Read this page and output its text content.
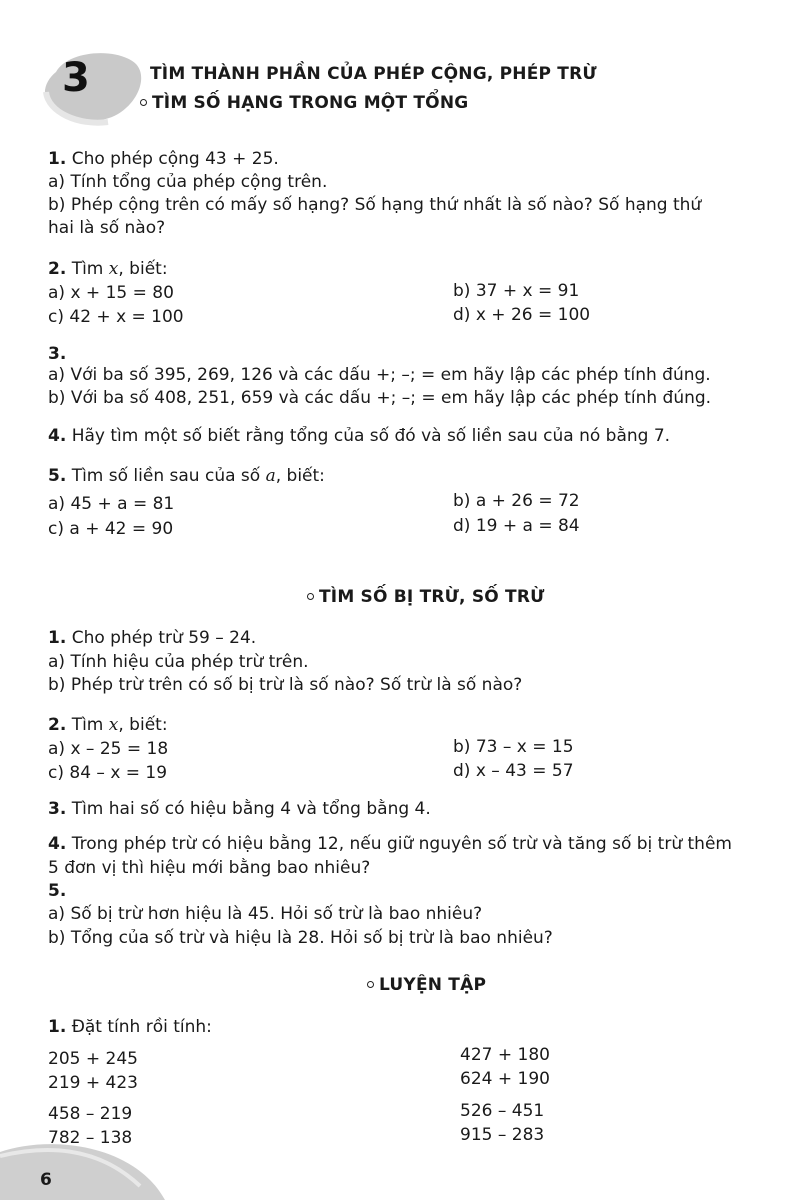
3	TÌM THÀNH PHẦN CỦA PHÉP CỘNG, PHÉP TRỪ
TÌM SỐ HẠNG TRONG MỘT TỔNG
1. Cho phép cộng 43 + 25.
a) Tính tổng của phép cộng trên.
b) Phép cộng trên có mấy số hạng? Số hạng thứ nhất là số nào? Số hạng thứ
hai là số nào?
2. Tìm x, biết:
a) x + 15 = 80	b) 37 + x = 91
c) 42 + x = 100	d) x + 26 = 100
3.
a) Với ba số 395, 269, 126 và các dấu +; –; = em hãy lập các phép tính đúng.
b) Với ba số 408, 251, 659 và các dấu +; –; = em hãy lập các phép tính đúng.
4. Hãy tìm một số biết rằng tổng của số đó và số liền sau của nó bằng 7.
5. Tìm số liền sau của số a, biết:
a) 45 + a = 81	b) a + 26 = 72
c) a + 42 = 90	d) 19 + a = 84
TÌM SỐ BỊ TRỪ, SỐ TRỪ
1. Cho phép trừ 59 – 24.
a) Tính hiệu của phép trừ trên.
b) Phép trừ trên có số bị trừ là số nào? Số trừ là số nào?
2. Tìm x, biết:
a) x – 25 = 18	b) 73 – x = 15
c) 84 – x = 19	d) x – 43 = 57
3. Tìm hai số có hiệu bằng 4 và tổng bằng 4.
4. Trong phép trừ có hiệu bằng 12, nếu giữ nguyên số trừ và tăng số bị trừ thêm
5 đơn vị thì hiệu mới bằng bao nhiêu?
5.
a) Số bị trừ hơn hiệu là 45. Hỏi số trừ là bao nhiêu?
b) Tổng của số trừ và hiệu là 28. Hỏi số bị trừ là bao nhiêu?
LUYỆN TẬP
1. Đặt tính rồi tính:
205 + 245	427 + 180
219 + 423	624 + 190
458 – 219	526 – 451
782 – 138	915 – 283
6
